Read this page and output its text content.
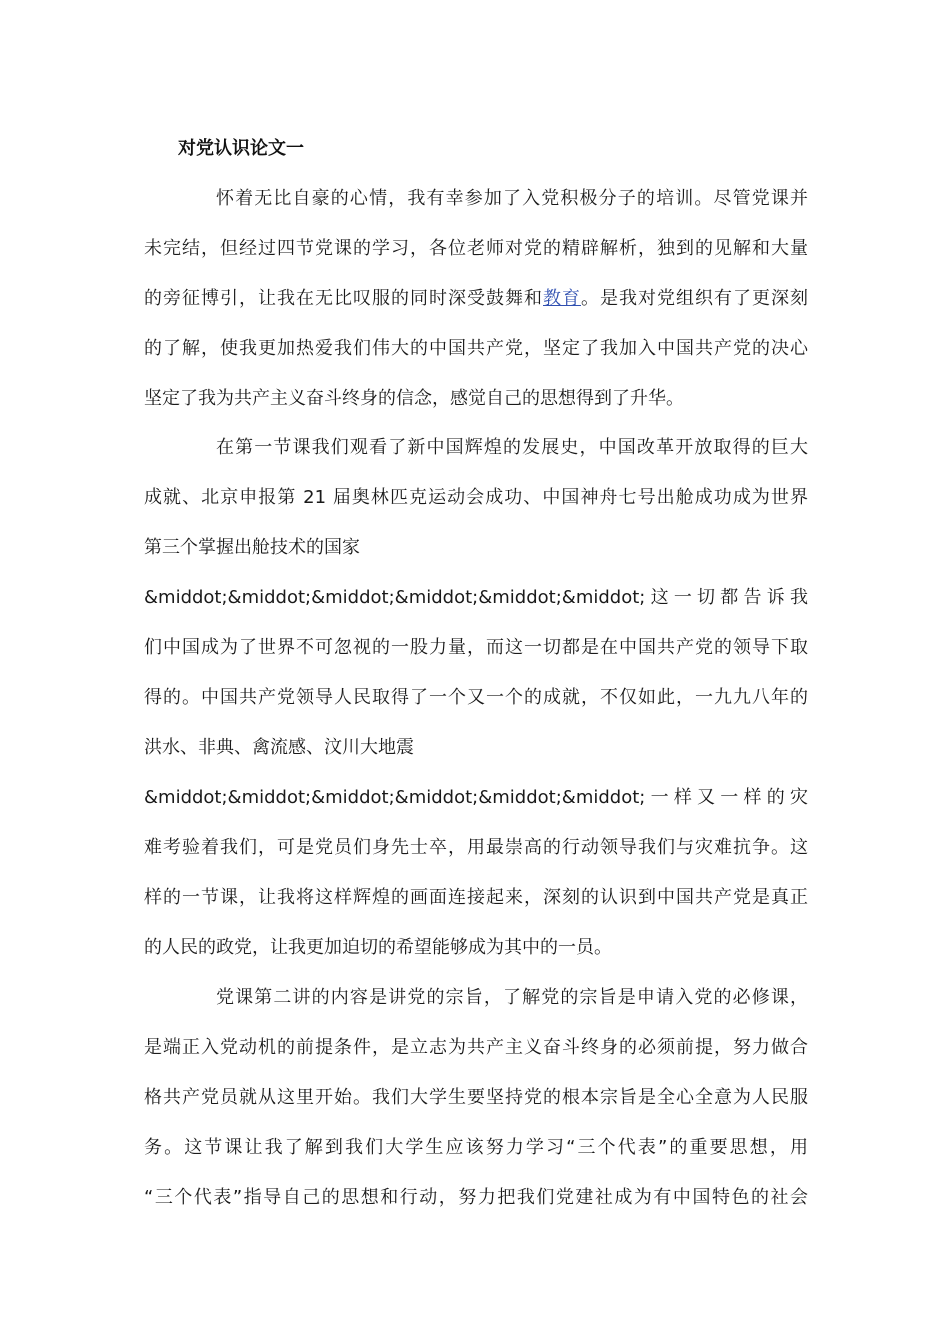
对党认识论文一
怀着无比自豪的心情，我有幸参加了入党积极分子的培训。尽管党课并
未完结，但经过四节党课的学习，各位老师对党的精辟解析，独到的见解和大量
的旁征博引，让我在无比叹服的同时深受鼓舞和教育。是我对党组织有了更深刻
的了解，使我更加热爱我们伟大的中国共产党，坚定了我加入中国共产党的决心
坚定了我为共产主义奋斗终身的信念，感觉自己的思想得到了升华。
在第一节课我们观看了新中国辉煌的发展史，中国改革开放取得的巨大
成就、北京申报第 21 届奥林匹克运动会成功、中国神舟七号出舱成功成为世界
第三个掌握出舱技术的国家
&middot;&middot;&middot;&middot;&middot;&middot;这一切都告诉我
们中国成为了世界不可忽视的一股力量，而这一切都是在中国共产党的领导下取
得的。中国共产党领导人民取得了一个又一个的成就，不仅如此，一九九八年的
洪水、非典、禽流感、汶川大地震
&middot;&middot;&middot;&middot;&middot;&middot;一样又一样的灾
难考验着我们，可是党员们身先士卒，用最崇高的行动领导我们与灾难抗争。这
样的一节课，让我将这样辉煌的画面连接起来，深刻的认识到中国共产党是真正
的人民的政党，让我更加迫切的希望能够成为其中的一员。
党课第二讲的内容是讲党的宗旨，了解党的宗旨是申请入党的必修课，
是端正入党动机的前提条件，是立志为共产主义奋斗终身的必须前提，努力做合
格共产党员就从这里开始。我们大学生要坚持党的根本宗旨是全心全意为人民服
务。这节课让我了解到我们大学生应该努力学习“三个代表”的重要思想，用
“三个代表”指导自己的思想和行动，努力把我们党建社成为有中国特色的社会
